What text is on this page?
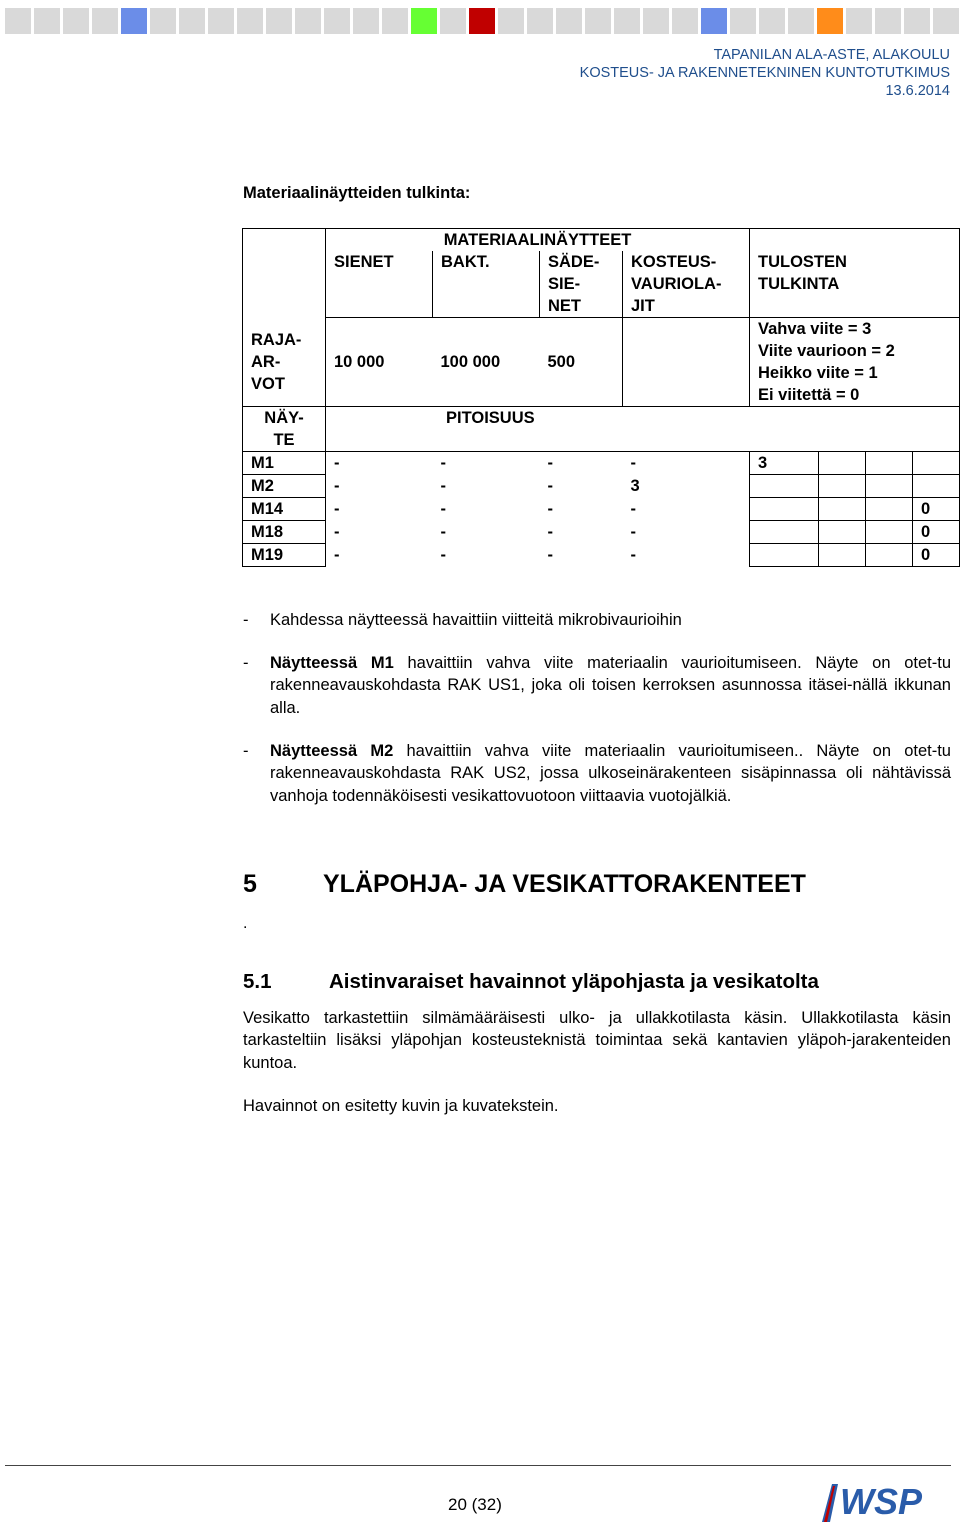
TAPANILAN ALA-ASTE, ALAKOULU
KOSTEUS- JA RAKENNETEKNINEN KUNTOTUTKIMUS
13.6.2014
Materiaalinäytteiden tulkinta:
	MATERIAALINÄYTTEET							
	SIENET	BAKT.	SÄDE-
SIE-
NET	KOSTEUS-
VAURIOLA-
JIT	TULOSTEN
TULKINTA			
RAJA-
AR-
VOT	10 000	100 000	500		Vahva viite = 3
Viite vaurioon = 2
Heikko viite = 1
Ei viitettä = 0			
NÄY-
TE	PITOISUUS							
M1	-	-	-	-	3			
M2	-	-	-	3				
M14	-	-	-	-				0
M18	-	-	-	-				0
M19	-	-	-	-				0
- Kahdessa näytteessä havaittiin viitteitä mikrobivaurioihin
- Näytteessä M1 havaittiin vahva viite materiaalin vaurioitumiseen. Näyte on otet-tu rakenneavauskohdasta RAK US1, joka oli toisen kerroksen asunnossa itäsei-nällä ikkunan alla.
- Näytteessä M2 havaittiin vahva viite materiaalin vaurioitumiseen.. Näyte on otet-tu rakenneavauskohdasta RAK US2, jossa ulkoseinärakenteen sisäpinnassa oli nähtävissä vanhoja todennäköisesti vesikattovuotoon viittaavia vuotojälkiä.
5	YLÄPOHJA- JA VESIKATTORAKENTEET
.
5.1	Aistinvaraiset havainnot yläpohjasta ja vesikatolta
Vesikatto tarkastettiin silmämääräisesti ulko- ja ullakkotilasta käsin. Ullakkotilasta käsin tarkasteltiin lisäksi yläpohjan kosteusteknistä toimintaa sekä kantavien yläpoh-jarakenteiden kuntoa.
Havainnot on esitetty kuvin ja kuvatekstein.
20 (32)	WSP
